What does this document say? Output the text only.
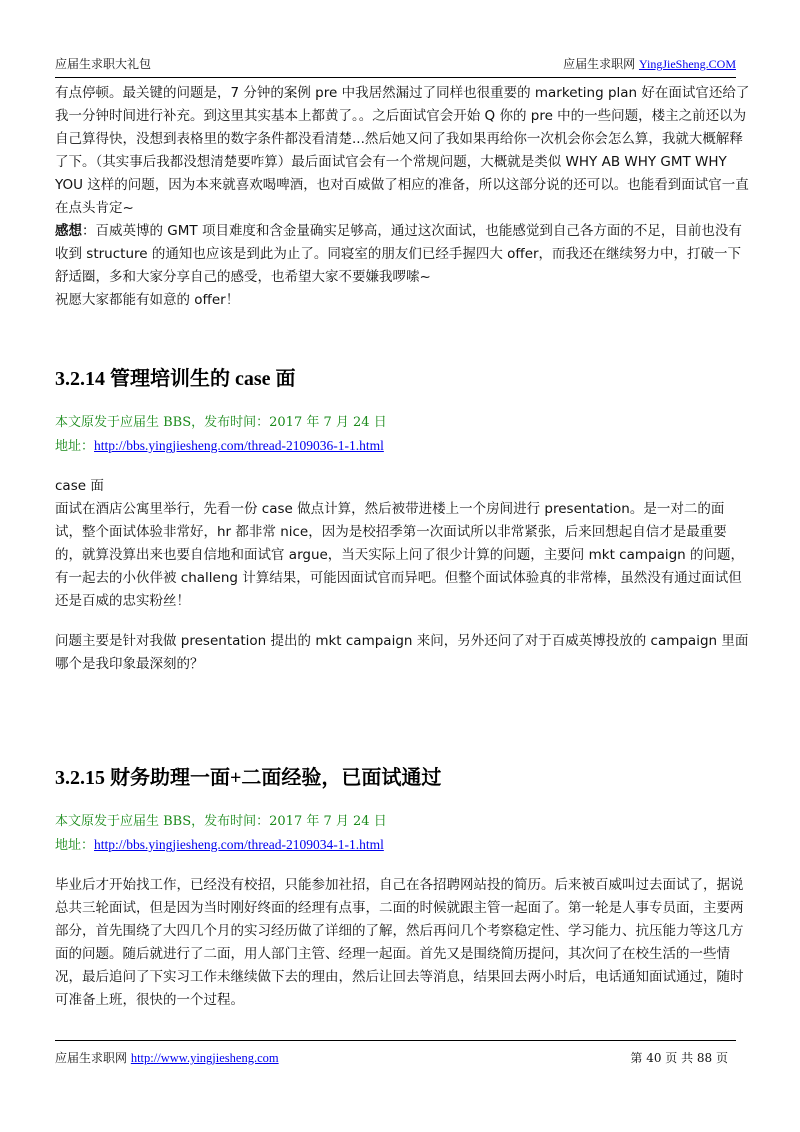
应届生求职大礼包	应届生求职网 YingJieSheng.COM

有点停顿。最关键的问题是，7 分钟的案例 pre 中我居然漏过了同样也很重要的 marketing plan 好在面试官还给了我一分钟时间进行补充。到这里其实基本上都黄了。。之后面试官会开始 Q 你的 pre 中的一些问题，楼主之前还以为自己算得快，没想到表格里的数字条件都没看清楚...然后她又问了我如果再给你一次机会你会怎么算，我就大概解释了下。（其实事后我都没想清楚要咋算）最后面试官会有一个常规问题，大概就是类似 WHY AB WHY GMT WHY YOU 这样的问题，因为本来就喜欢喝啤酒，也对百威做了相应的准备，所以这部分说的还可以。也能看到面试官一直在点头肯定~

感想：百威英博的 GMT 项目难度和含金量确实足够高，通过这次面试，也能感觉到自己各方面的不足，目前也没有收到 structure 的通知也应该是到此为止了。同寝室的朋友们已经手握四大 offer，而我还在继续努力中，打破一下舒适圈，多和大家分享自己的感受，也希望大家不要嫌我啰嗦~

祝愿大家都能有如意的 offer！

3.2.14 管理培训生的 case 面

本文原发于应届生 BBS，发布时间：2017 年 7 月 24 日

地址：http://bbs.yingjiesheng.com/thread-2109036-1-1.html

case 面

面试在酒店公寓里举行，先看一份 case 做点计算，然后被带进楼上一个房间进行 presentation。是一对二的面试，整个面试体验非常好，hr 都非常 nice，因为是校招季第一次面试所以非常紧张，后来回想起自信才是最重要的，就算没算出来也要自信地和面试官 argue，当天实际上问了很少计算的问题，主要问 mkt campaign 的问题，有一起去的小伙伴被 challeng 计算结果，可能因面试官而异吧。但整个面试体验真的非常棒，虽然没有通过面试但还是百威的忠实粉丝！

问题主要是针对我做 presentation 提出的 mkt campaign 来问，另外还问了对于百威英博投放的 campaign 里面哪个是我印象最深刻的？

3.2.15 财务助理一面+二面经验，已面试通过

本文原发于应届生 BBS，发布时间：2017 年 7 月 24 日

地址：http://bbs.yingjiesheng.com/thread-2109034-1-1.html

毕业后才开始找工作，已经没有校招，只能参加社招，自己在各招聘网站投的简历。后来被百威叫过去面试了，据说总共三轮面试，但是因为当时刚好终面的经理有点事，二面的时候就跟主管一起面了。第一轮是人事专员面，主要两部分，首先围绕了大四几个月的实习经历做了详细的了解，然后再问几个考察稳定性、学习能力、抗压能力等这几方面的问题。随后就进行了二面，用人部门主管、经理一起面。首先又是围绕简历提问，其次问了在校生活的一些情况，最后追问了下实习工作未继续做下去的理由，然后让回去等消息，结果回去两小时后，电话通知面试通过，随时可准备上班，很快的一个过程。

应届生求职网 http://www.yingjiesheng.com	第 40 页 共 88 页
